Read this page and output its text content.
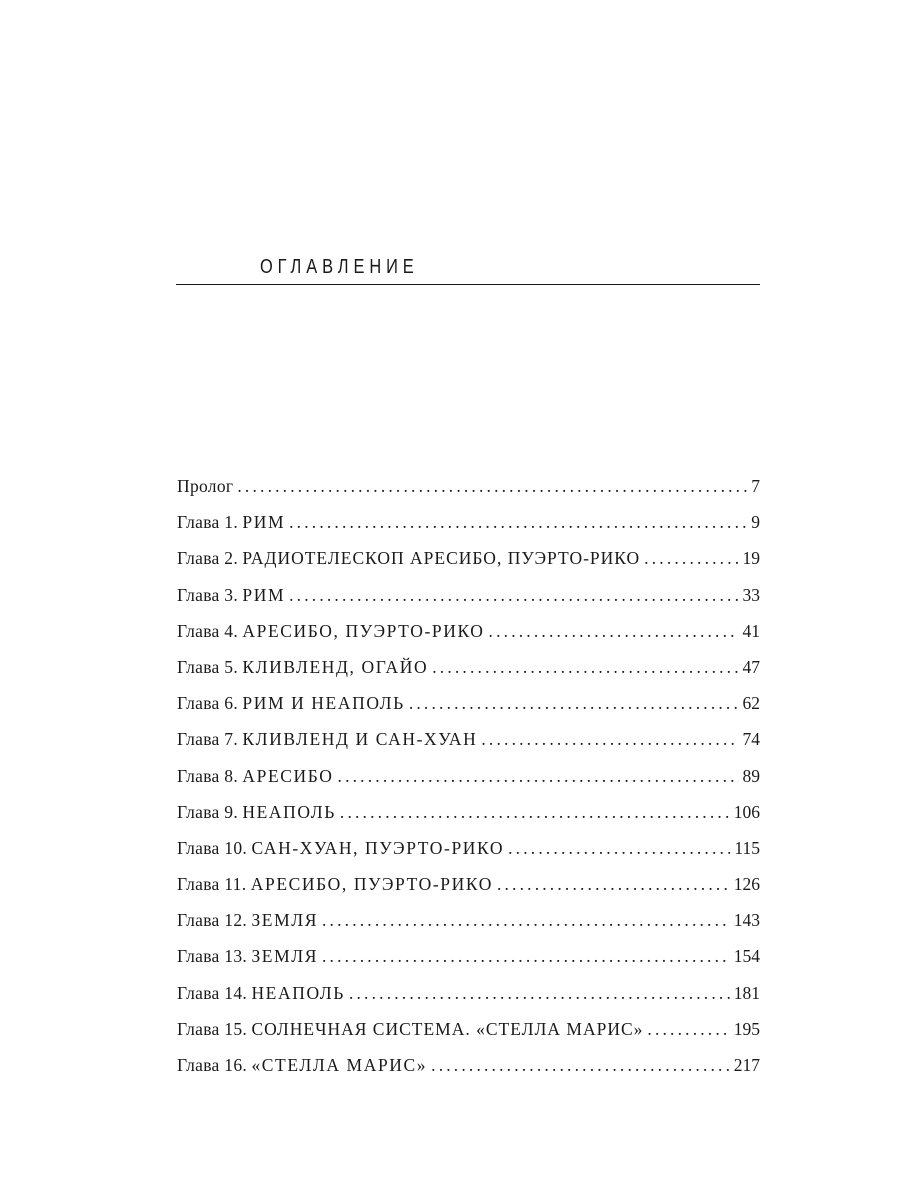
ОГЛАВЛЕНИЕ
Пролог . . .	7
Глава 1. РИМ . . .	9
Глава 2. РАДИОТЕЛЕСКОП АРЕСИБО, ПУЭРТО-РИКО . . .	19
Глава 3. РИМ . . .	33
Глава 4. АРЕСИБО, ПУЭРТО-РИКО . . .	41
Глава 5. КЛИВЛЕНД, ОГАЙО . . .	47
Глава 6. РИМ И НЕАПОЛЬ . . .	62
Глава 7. КЛИВЛЕНД И САН-ХУАН . . .	74
Глава 8. АРЕСИБО . . .	89
Глава 9. НЕАПОЛЬ . . .	106
Глава 10. САН-ХУАН, ПУЭРТО-РИКО . . .	115
Глава 11. АРЕСИБО, ПУЭРТО-РИКО . . .	126
Глава 12. ЗЕМЛЯ . . .	143
Глава 13. ЗЕМЛЯ . . .	154
Глава 14. НЕАПОЛЬ . . .	181
Глава 15. СОЛНЕЧНАЯ СИСТЕМА. «СТЕЛЛА МАРИС» . . .	195
Глава 16. «СТЕЛЛА МАРИС» . . .	217
